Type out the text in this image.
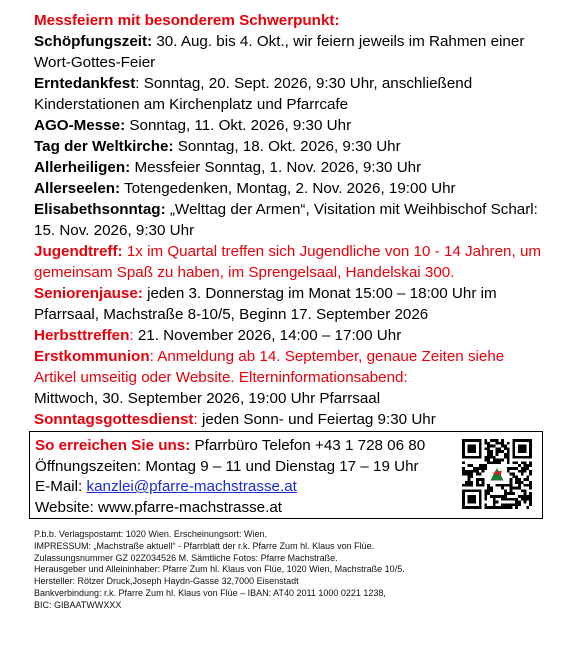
Messfeiern mit besonderem Schwerpunkt:

Schöpfungszeit: 30. Aug. bis 4. Okt., wir feiern jeweils im Rahmen einer Wort-Gottes-Feier

Erntedankfest: Sonntag, 20. Sept. 2026, 9:30 Uhr, anschließend Kinderstationen am Kirchenplatz und Pfarrcafe

AGO-Messe: Sonntag, 11. Okt. 2026, 9:30 Uhr

Tag der Weltkirche: Sonntag, 18. Okt. 2026, 9:30 Uhr

Allerheiligen: Messfeier Sonntag, 1. Nov. 2026, 9:30 Uhr

Allerseelen: Totengedenken, Montag, 2. Nov. 2026, 19:00 Uhr

Elisabethsonntag: „Welttag der Armen“, Visitation mit Weihbischof Scharl: 15. Nov. 2026, 9:30 Uhr

Jugendtreff: 1x im Quartal treffen sich Jugendliche von 10 - 14 Jahren, um gemeinsam Spaß zu haben, im Sprengelsaal, Handelskai 300.

Seniorenjause: jeden 3. Donnerstag im Monat 15:00 – 18:00 Uhr im Pfarrsaal, Machstraße 8-10/5, Beginn 17. September 2026

Herbsttreffen: 21. November 2026, 14:00 – 17:00 Uhr

Erstkommunion: Anmeldung ab 14. September, genaue Zeiten siehe Artikel umseitig oder Website. Elterninformationsabend:

Mittwoch, 30. September 2026, 19:00 Uhr Pfarrsaal

Sonntagsgottesdienst: jeden Sonn- und Feiertag 9:30 Uhr

So erreichen Sie uns: Pfarrbüro Telefon +43 1 728 06 80
Öffnungszeiten: Montag 9 – 11 und Dienstag 17 – 19 Uhr
E-Mail: kanzlei@pfarre-machstrasse.at
Website: www.pfarre-machstrasse.at

P.b.b. Verlagspostamt: 1020 Wien. Erscheinungsort: Wien.

IMPRESSUM: „Machstraße aktuell“ - Pfarrblatt der r.k. Pfarre Zum hl. Klaus von Flüe.

Zulassungsnummer GZ 02Z034526 M. Sämtliche Fotos: Pfarre Machstraße.

Herausgeber und Alleininhaber: Pfarre Zum hl. Klaus von Flüe, 1020 Wien, Machstraße 10/5.

Hersteller: Rötzer Druck,Joseph Haydn-Gasse 32,7000 Eisenstadt

Bankverbindung: r.k. Pfarre Zum hl. Klaus von Flüe – IBAN: AT40 2011 1000 0221 1238,

BIC: GIBAATWWXXX
